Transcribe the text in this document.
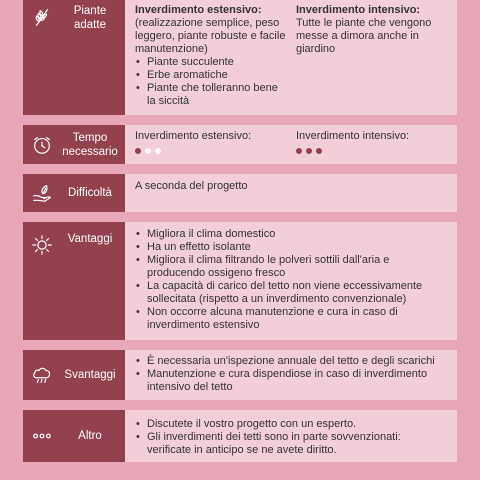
Piante adatte
Inverdimento estensivo:
(realizzazione semplice, peso leggero, piante robuste e facile manutenzione)
• Piante succulente
• Erbe aromatiche
• Piante che tolleranno bene la siccità
Inverdimento intensivo:
Tutte le piante che vengono messe a dimora anche in giardino
Tempo necessario
Inverdimento estensivo:	Inverdimento intensivo:
Difficoltà
A seconda del progetto
Vantaggi
•	Migliora il clima domestico
• Ha un effetto isolante
• Migliora il clima filtrando le polveri sottili dall'aria e producendo ossigeno fresco
• La capacità di carico del tetto non viene eccessivamente sollecitata (rispetto a un inverdimento convenzionale)
• Non occorre alcuna manutenzione e cura in caso di inverdimento estensivo
Svantaggi
• È necessaria un'ispezione annuale del tetto e degli scarichi
• Manutenzione e cura dispendiose in caso di inverdimento intensivo del tetto
Altro
• Discutete il vostro progetto con un esperto.
• Gli inverdimenti dei tetti sono in parte sovvenzionati: verificate in anticipo se ne avete diritto.
